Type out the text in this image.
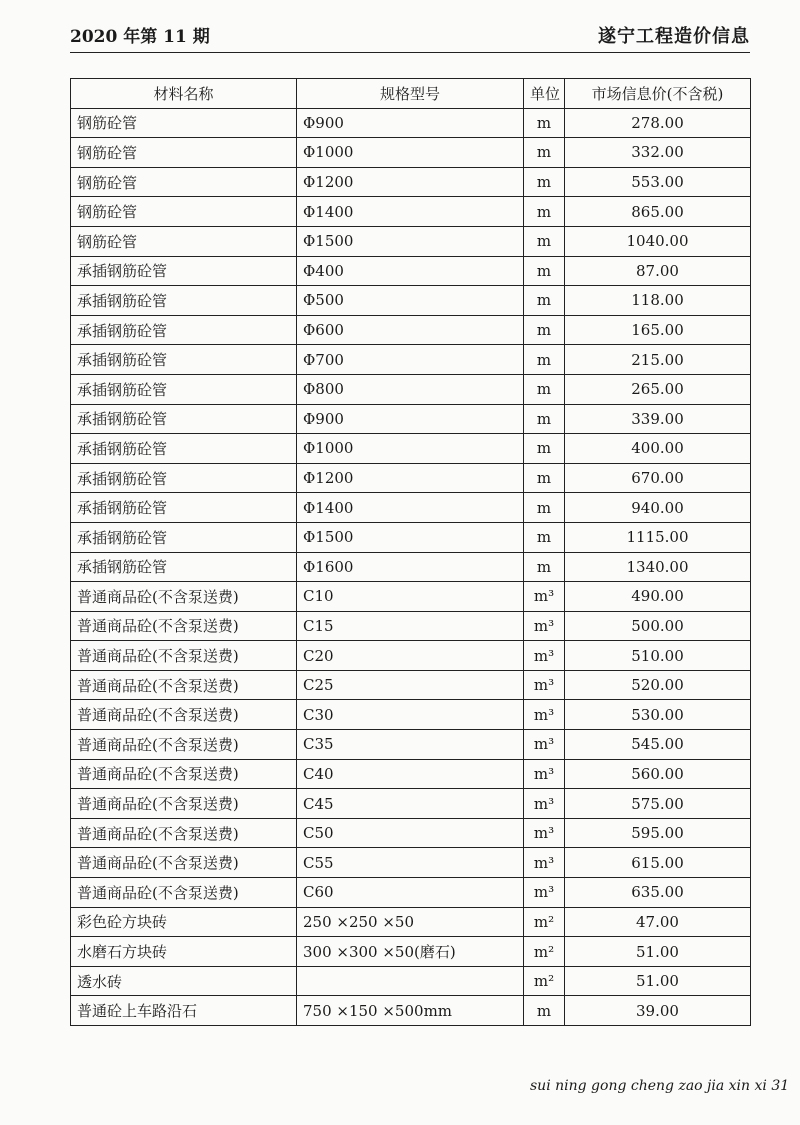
2020 年第 11 期	遂宁工程造价信息
材料名称	规格型号	单位	市场信息价(不含税)
钢筋砼管	Φ900	m	278.00
钢筋砼管	Φ1000	m	332.00
钢筋砼管	Φ1200	m	553.00
钢筋砼管	Φ1400	m	865.00
钢筋砼管	Φ1500	m	1040.00
承插钢筋砼管	Φ400	m	87.00
承插钢筋砼管	Φ500	m	118.00
承插钢筋砼管	Φ600	m	165.00
承插钢筋砼管	Φ700	m	215.00
承插钢筋砼管	Φ800	m	265.00
承插钢筋砼管	Φ900	m	339.00
承插钢筋砼管	Φ1000	m	400.00
承插钢筋砼管	Φ1200	m	670.00
承插钢筋砼管	Φ1400	m	940.00
承插钢筋砼管	Φ1500	m	1115.00
承插钢筋砼管	Φ1600	m	1340.00
普通商品砼(不含泵送费)	C10	m³	490.00
普通商品砼(不含泵送费)	C15	m³	500.00
普通商品砼(不含泵送费)	C20	m³	510.00
普通商品砼(不含泵送费)	C25	m³	520.00
普通商品砼(不含泵送费)	C30	m³	530.00
普通商品砼(不含泵送费)	C35	m³	545.00
普通商品砼(不含泵送费)	C40	m³	560.00
普通商品砼(不含泵送费)	C45	m³	575.00
普通商品砼(不含泵送费)	C50	m³	595.00
普通商品砼(不含泵送费)	C55	m³	615.00
普通商品砼(不含泵送费)	C60	m³	635.00
彩色砼方块砖	250 ×250 ×50	m²	47.00
水磨石方块砖	300 ×300 ×50(磨石)	m²	51.00
透水砖		m²	51.00
普通砼上车路沿石	750 ×150 ×500mm	m	39.00
sui ning gong cheng zao jia xin xi 31
